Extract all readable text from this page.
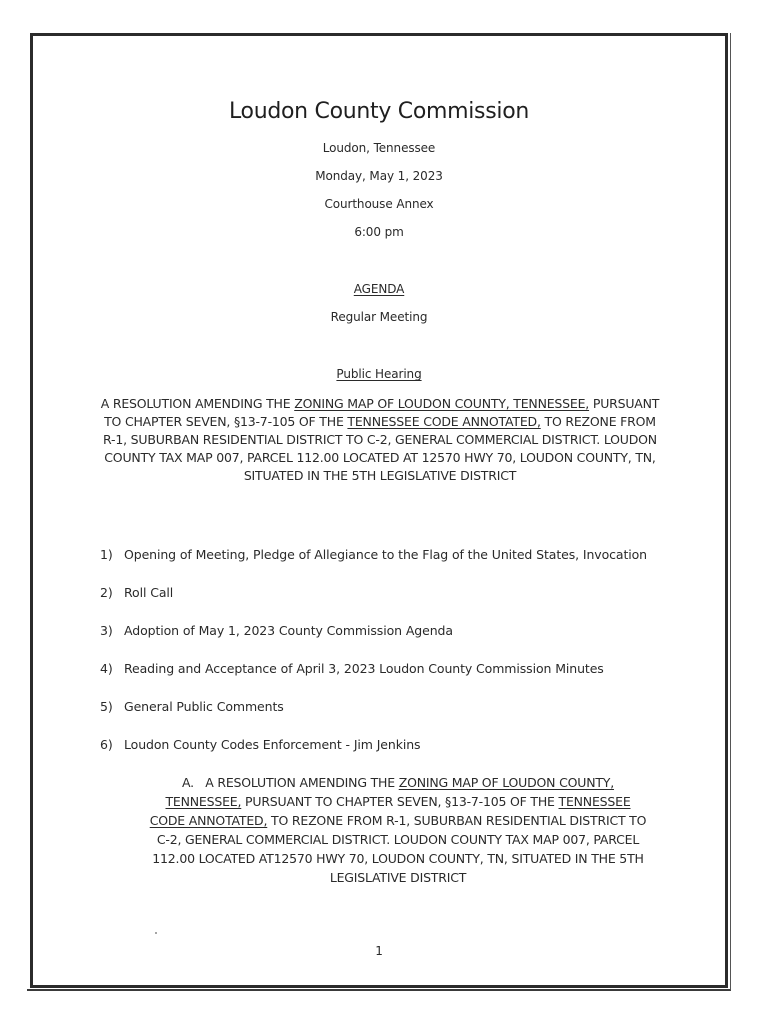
Loudon County Commission
Loudon, Tennessee
Monday, May 1, 2023
Courthouse Annex
6:00 pm
AGENDA
Regular Meeting
Public Hearing
A RESOLUTION AMENDING THE ZONING MAP OF LOUDON COUNTY, TENNESSEE, PURSUANT TO CHAPTER SEVEN, §13-7-105 OF THE TENNESSEE CODE ANNOTATED, TO REZONE FROM R-1, SUBURBAN RESIDENTIAL DISTRICT TO C-2, GENERAL COMMERCIAL DISTRICT. LOUDON COUNTY TAX MAP 007, PARCEL 112.00 LOCATED AT 12570 HWY 70, LOUDON COUNTY, TN, SITUATED IN THE 5TH LEGISLATIVE DISTRICT
1) Opening of Meeting, Pledge of Allegiance to the Flag of the United States, Invocation
2) Roll Call
3) Adoption of May 1, 2023 County Commission Agenda
4) Reading and Acceptance of April 3, 2023 Loudon County Commission Minutes
5) General Public Comments
6) Loudon County Codes Enforcement - Jim Jenkins
A. A RESOLUTION AMENDING THE ZONING MAP OF LOUDON COUNTY, TENNESSEE, PURSUANT TO CHAPTER SEVEN, §13-7-105 OF THE TENNESSEE CODE ANNOTATED, TO REZONE FROM R-1, SUBURBAN RESIDENTIAL DISTRICT TO C-2, GENERAL COMMERCIAL DISTRICT. LOUDON COUNTY TAX MAP 007, PARCEL 112.00 LOCATED AT12570 HWY 70, LOUDON COUNTY, TN, SITUATED IN THE 5TH LEGISLATIVE DISTRICT
1
